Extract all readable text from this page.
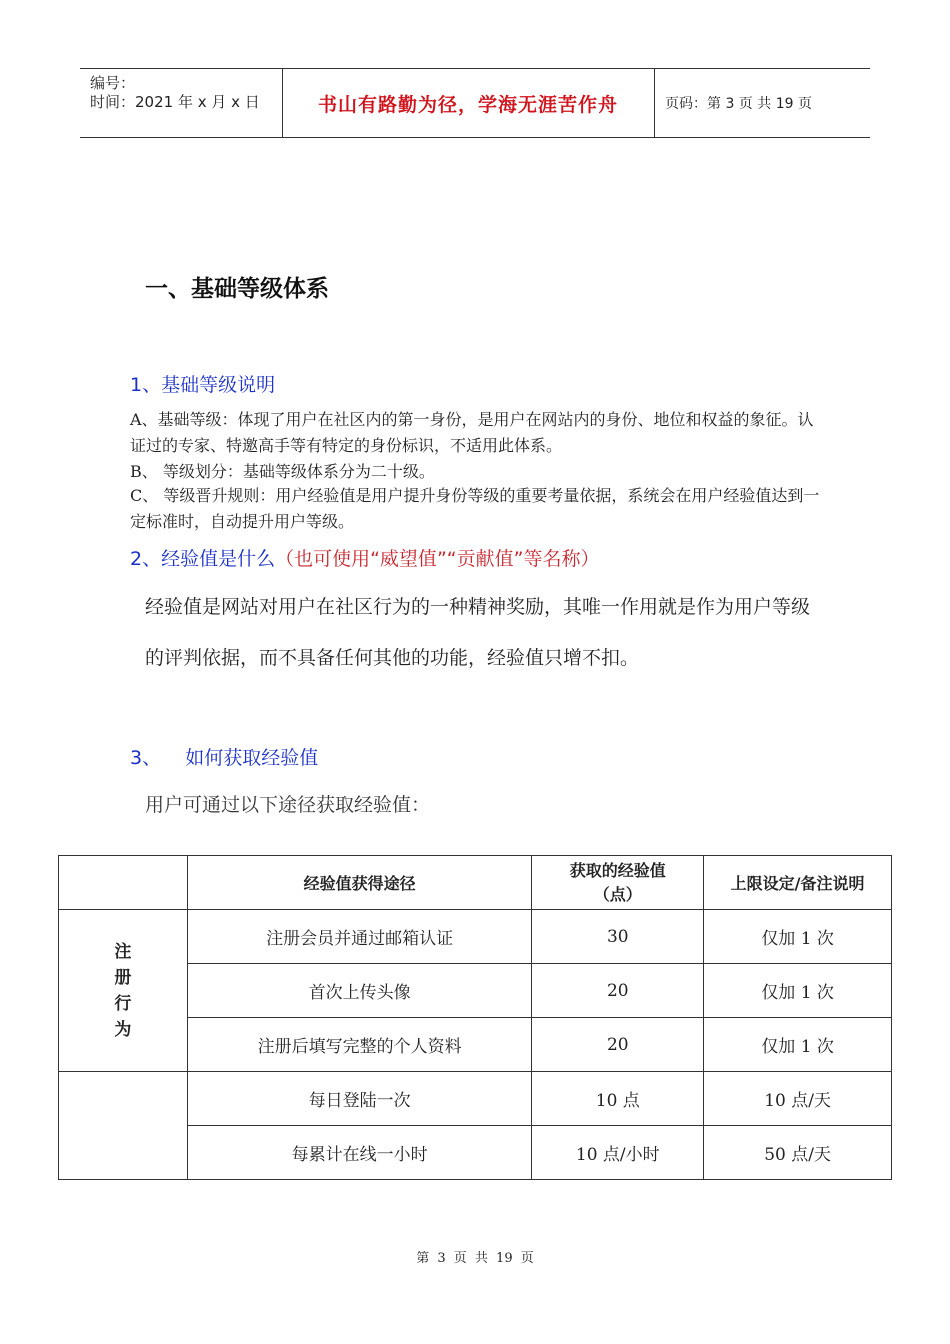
编号：
时间：2021 年 x 月 x 日	书山有路勤为径，学海无涯苦作舟	页码：第 3 页 共 19 页
一、基础等级体系
1、基础等级说明
A、基础等级：体现了用户在社区内的第一身份，是用户在网站内的身份、地位和权益的象征。认证过的专家、特邀高手等有特定的身份标识，不适用此体系。
B、 等级划分：基础等级体系分为二十级。
C、 等级晋升规则：用户经验值是用户提升身份等级的重要考量依据，系统会在用户经验值达到一定标准时，自动提升用户等级。
2、经验值是什么（也可使用“威望值”“贡献值”等名称）
经验值是网站对用户在社区行为的一种精神奖励，其唯一作用就是作为用户等级的评判依据，而不具备任何其他的功能，经验值只增不扣。
3、    如何获取经验值
用户可通过以下途径获取经验值：
	经验值获得途径	获取的经验值（点）	上限设定/备注说明

注册行为	注册会员并通过邮箱认证	30	仅加 1 次
	首次上传头像	20	仅加 1 次
	注册后填写完整的个人资料	20	仅加 1 次
	每日登陆一次	10 点	10 点/天
	每累计在线一小时	10 点/小时	50 点/天
第 3 页 共 19 页
